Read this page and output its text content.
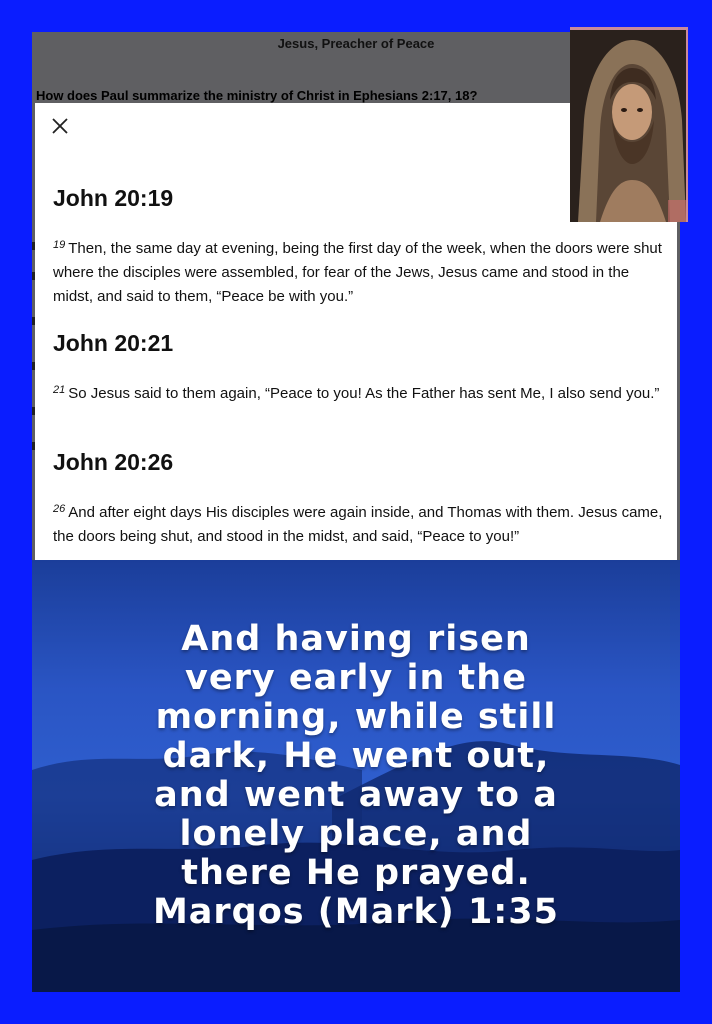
Jesus, Preacher of Peace
How does Paul summarize the ministry of Christ in Ephesians 2:17, 18?
John 20:19
$^{19}$ Then, the same day at evening, being the first day of the week, when the doors were shut where the disciples were assembled, for fear of the Jews, Jesus came and stood in the midst, and said to them, “Peace be with you.”
John 20:21
$^{21}$ So Jesus said to them again, “Peace to you! As the Father has sent Me, I also send you.”
John 20:26
$^{26}$ And after eight days His disciples were again inside, and Thomas with them. Jesus came, the doors being shut, and stood in the midst, and said, “Peace to you!”
And having risen
very early in the
morning, while still
dark, He went out,
and went away to a
lonely place, and
there He prayed.
Marqos (Mark) 1:35
